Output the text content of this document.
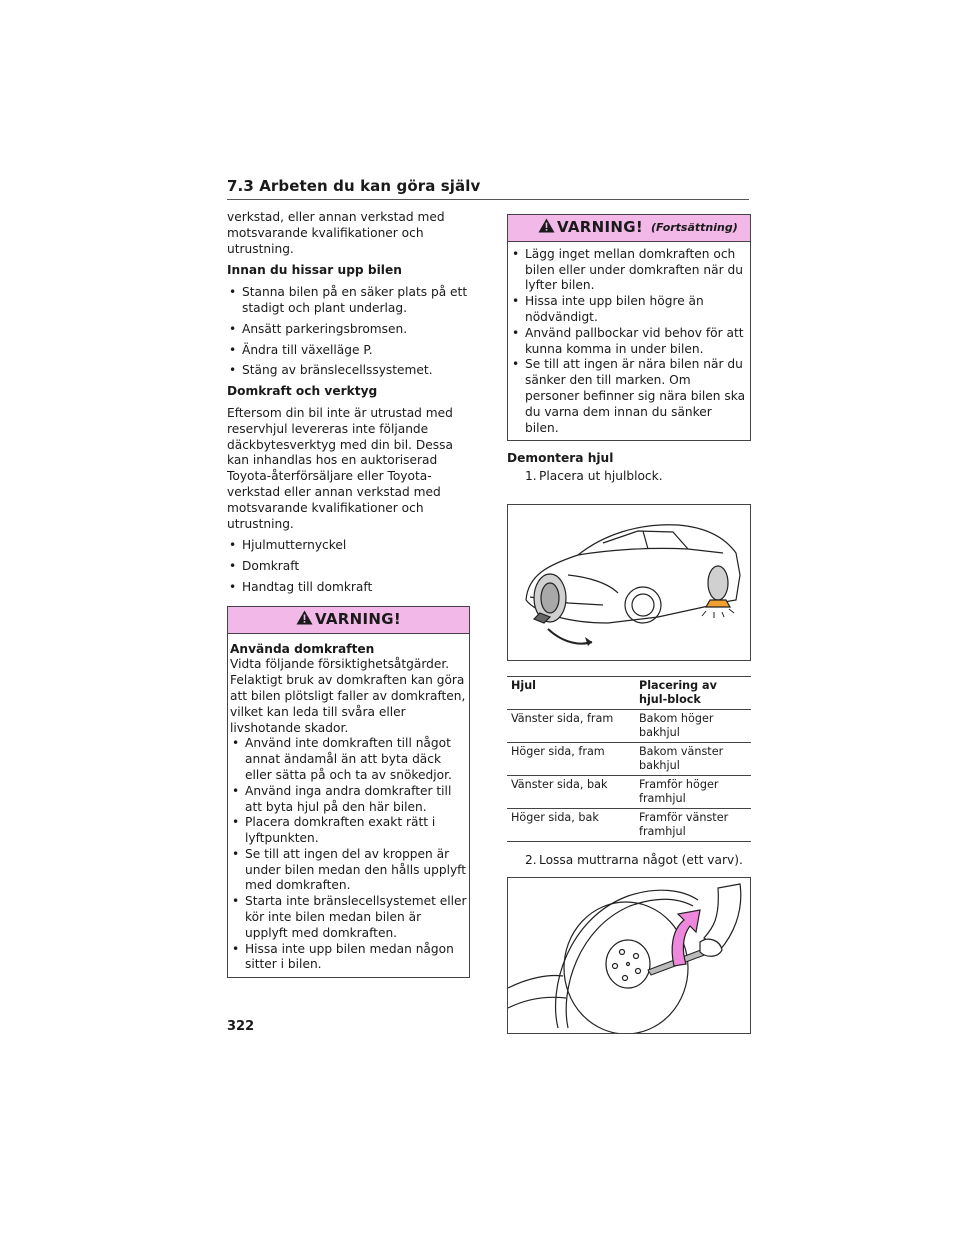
7.3 Arbeten du kan göra själv

verkstad, eller annan verkstad med motsvarande kvalifikationer och utrustning.

Innan du hissar upp bilen

• Stanna bilen på en säker plats på ett stadigt och plant underlag.
• Ansätt parkeringsbromsen.
• Ändra till växelläge P.
• Stäng av bränslecellssystemet.

Domkraft och verktyg

Eftersom din bil inte är utrustad med reservhjul levereras inte följande däckbytesverktyg med din bil. Dessa kan inhandlas hos en auktoriserad Toyota-återförsäljare eller Toyota-verkstad eller annan verkstad med motsvarande kvalifikationer och utrustning.

• Hjulmutternyckel
• Domkraft
• Handtag till domkraft
VARNING!

Använda domkraften

Vidta följande försiktighetsåtgärder. Felaktigt bruk av domkraften kan göra att bilen plötsligt faller av domkraften, vilket kan leda till svåra eller livshotande skador.

• Använd inte domkraften till något annat ändamål än att byta däck eller sätta på och ta av snökedjor.
• Använd inga andra domkrafter till att byta hjul på den här bilen.
• Placera domkraften exakt rätt i lyftpunkten.
• Se till att ingen del av kroppen är under bilen medan den hålls upplyft med domkraften.
• Starta inte bränslecellsystemet eller kör inte bilen medan bilen är upplyft med domkraften.
• Hissa inte upp bilen medan någon sitter i bilen.
VARNING! (Fortsättning)
• Lägg inget mellan domkraften och bilen eller under domkraften när du lyfter bilen.
• Hissa inte upp bilen högre än nödvändigt.
• Använd pallbockar vid behov för att kunna komma in under bilen.
• Se till att ingen är nära bilen när du sänker den till marken. Om personer befinner sig nära bilen ska du varna dem innan du sänker bilen.

Demontera hjul

1. Placera ut hjulblock.
Hjul	Placering av hjul-block
Vänster sida, fram	Bakom höger bakhjul
Höger sida, fram	Bakom vänster bakhjul
Vänster sida, bak	Framför höger framhjul
Höger sida, bak	Framför vänster framhjul
2. Lossa muttrarna något (ett varv).
322
